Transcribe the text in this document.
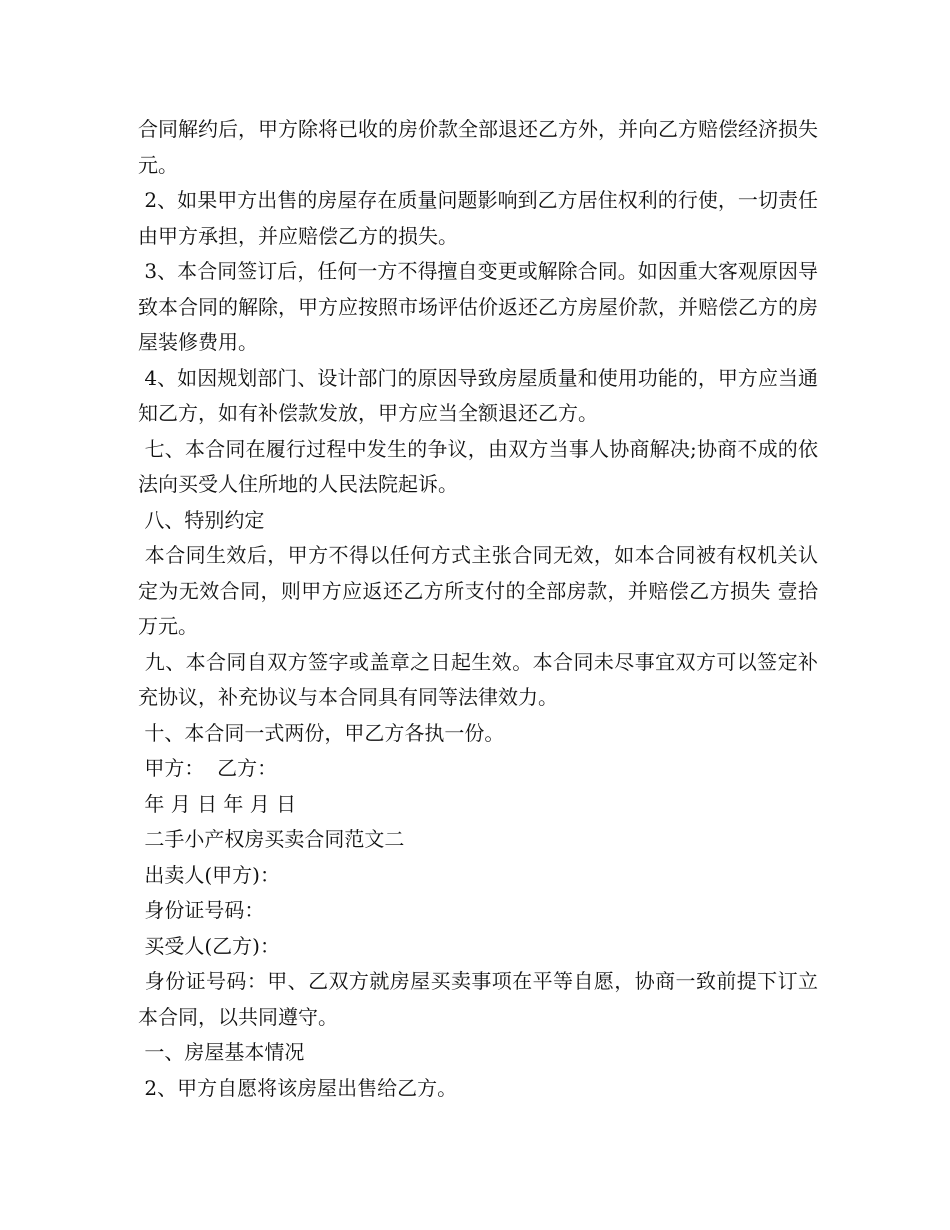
合同解约后，甲方除将已收的房价款全部退还乙方外，并向乙方赔偿经济损失 元。

2、如果甲方出售的房屋存在质量问题影响到乙方居住权利的行使，一切责任由甲方承担，并应赔偿乙方的损失。

3、本合同签订后，任何一方不得擅自变更或解除合同。如因重大客观原因导致本合同的解除，甲方应按照市场评估价返还乙方房屋价款，并赔偿乙方的房屋装修费用。

4、如因规划部门、设计部门的原因导致房屋质量和使用功能的，甲方应当通知乙方，如有补偿款发放，甲方应当全额退还乙方。

七、本合同在履行过程中发生的争议，由双方当事人协商解决;协商不成的依法向买受人住所地的人民法院起诉。

八、特别约定

本合同生效后，甲方不得以任何方式主张合同无效，如本合同被有权机关认定为无效合同，则甲方应返还乙方所支付的全部房款，并赔偿乙方损失 壹拾万元。

九、本合同自双方签字或盖章之日起生效。本合同未尽事宜双方可以签定补充协议，补充协议与本合同具有同等法律效力。

十、本合同一式两份，甲乙方各执一份。

甲方：  乙方：

年 月 日 年 月 日

二手小产权房买卖合同范文二

出卖人(甲方)：

身份证号码：

买受人(乙方)：

身份证号码：甲、乙双方就房屋买卖事项在平等自愿，协商一致前提下订立本合同，以共同遵守。

一、房屋基本情况

2、甲方自愿将该房屋出售给乙方。
